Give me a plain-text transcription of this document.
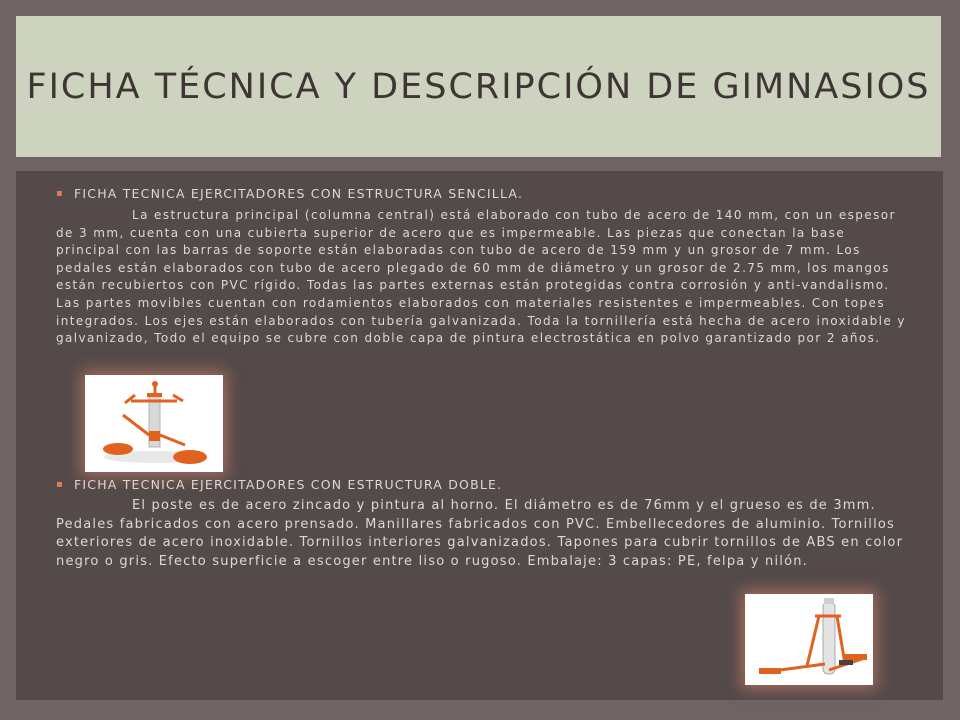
FICHA TÉCNICA Y DESCRIPCIÓN DE GIMNASIOS
▪ FICHA TECNICA EJERCITADORES CON ESTRUCTURA SENCILLA.

La estructura principal (columna central) está elaborado con tubo de acero de 140 mm, con un espesor de 3 mm, cuenta con una cubierta superior de acero que es impermeable. Las piezas que conectan la base principal con las barras de soporte están elaboradas con tubo de acero de 159 mm y un grosor de 7 mm. Los pedales están elaborados con tubo de acero plegado de 60 mm de diámetro y un grosor de 2.75 mm, los mangos están recubiertos con PVC rígido. Todas las partes externas están protegidas contra corrosión y anti-vandalismo. Las partes movibles cuentan con rodamientos elaborados con materiales resistentes e impermeables. Con topes integrados. Los ejes están elaborados con tubería galvanizada. Toda la tornillería está hecha de acero inoxidable y galvanizado, Todo el equipo se cubre con doble capa de pintura electrostática en polvo garantizado por 2 años.

▪ FICHA TECNICA EJERCITADORES CON ESTRUCTURA DOBLE.

El poste es de acero zincado y pintura al horno. El diámetro es de 76mm y el grueso es de 3mm. Pedales fabricados con acero prensado. Manillares fabricados con PVC. Embellecedores de aluminio. Tornillos exteriores de acero inoxidable. Tornillos interiores galvanizados. Tapones para cubrir tornillos de ABS en color negro o gris. Efecto superficie a escoger entre liso o rugoso. Embalaje: 3 capas: PE, felpa y nilón.
